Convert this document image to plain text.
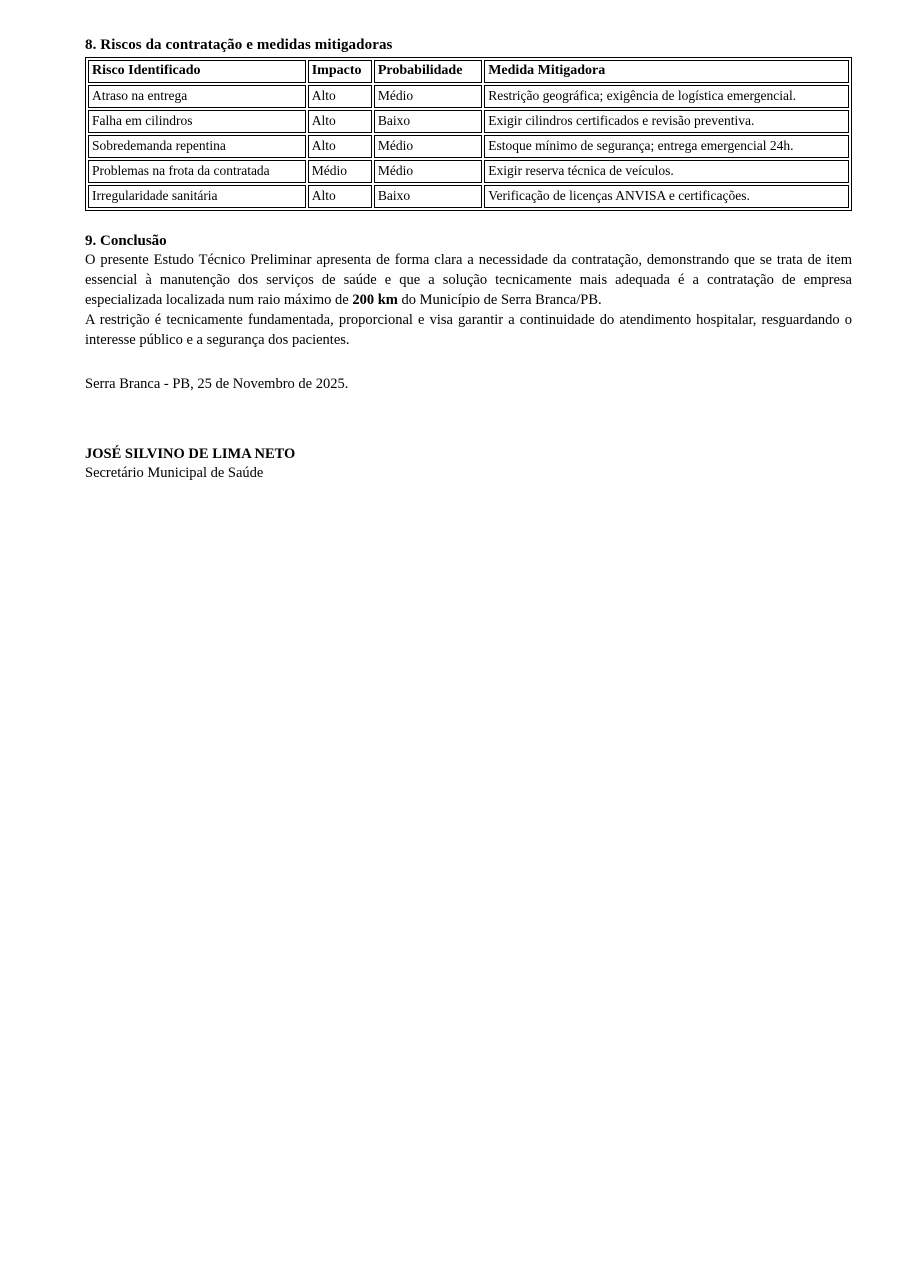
8. Riscos da contratação e medidas mitigadoras
Risco Identificado	Impacto	Probabilidade	Medida Mitigadora
Atraso na entrega	Alto	Médio	Restrição geográfica; exigência de logística emergencial.
Falha em cilindros	Alto	Baixo	Exigir cilindros certificados e revisão preventiva.
Sobredemanda repentina	Alto	Médio	Estoque mínimo de segurança; entrega emergencial 24h.
Problemas na frota da contratada	Médio	Médio	Exigir reserva técnica de veículos.
Irregularidade sanitária	Alto	Baixo	Verificação de licenças ANVISA e certificações.
9. Conclusão

O presente Estudo Técnico Preliminar apresenta de forma clara a necessidade da contratação, demonstrando que se trata de item essencial à manutenção dos serviços de saúde e que a solução tecnicamente mais adequada é a contratação de empresa especializada localizada num raio máximo de 200 km do Município de Serra Branca/PB.

A restrição é tecnicamente fundamentada, proporcional e visa garantir a continuidade do atendimento hospitalar, resguardando o interesse público e a segurança dos pacientes.

Serra Branca - PB, 25 de Novembro de 2025.
JOSÉ SILVINO DE LIMA NETO
Secretário Municipal de Saúde
